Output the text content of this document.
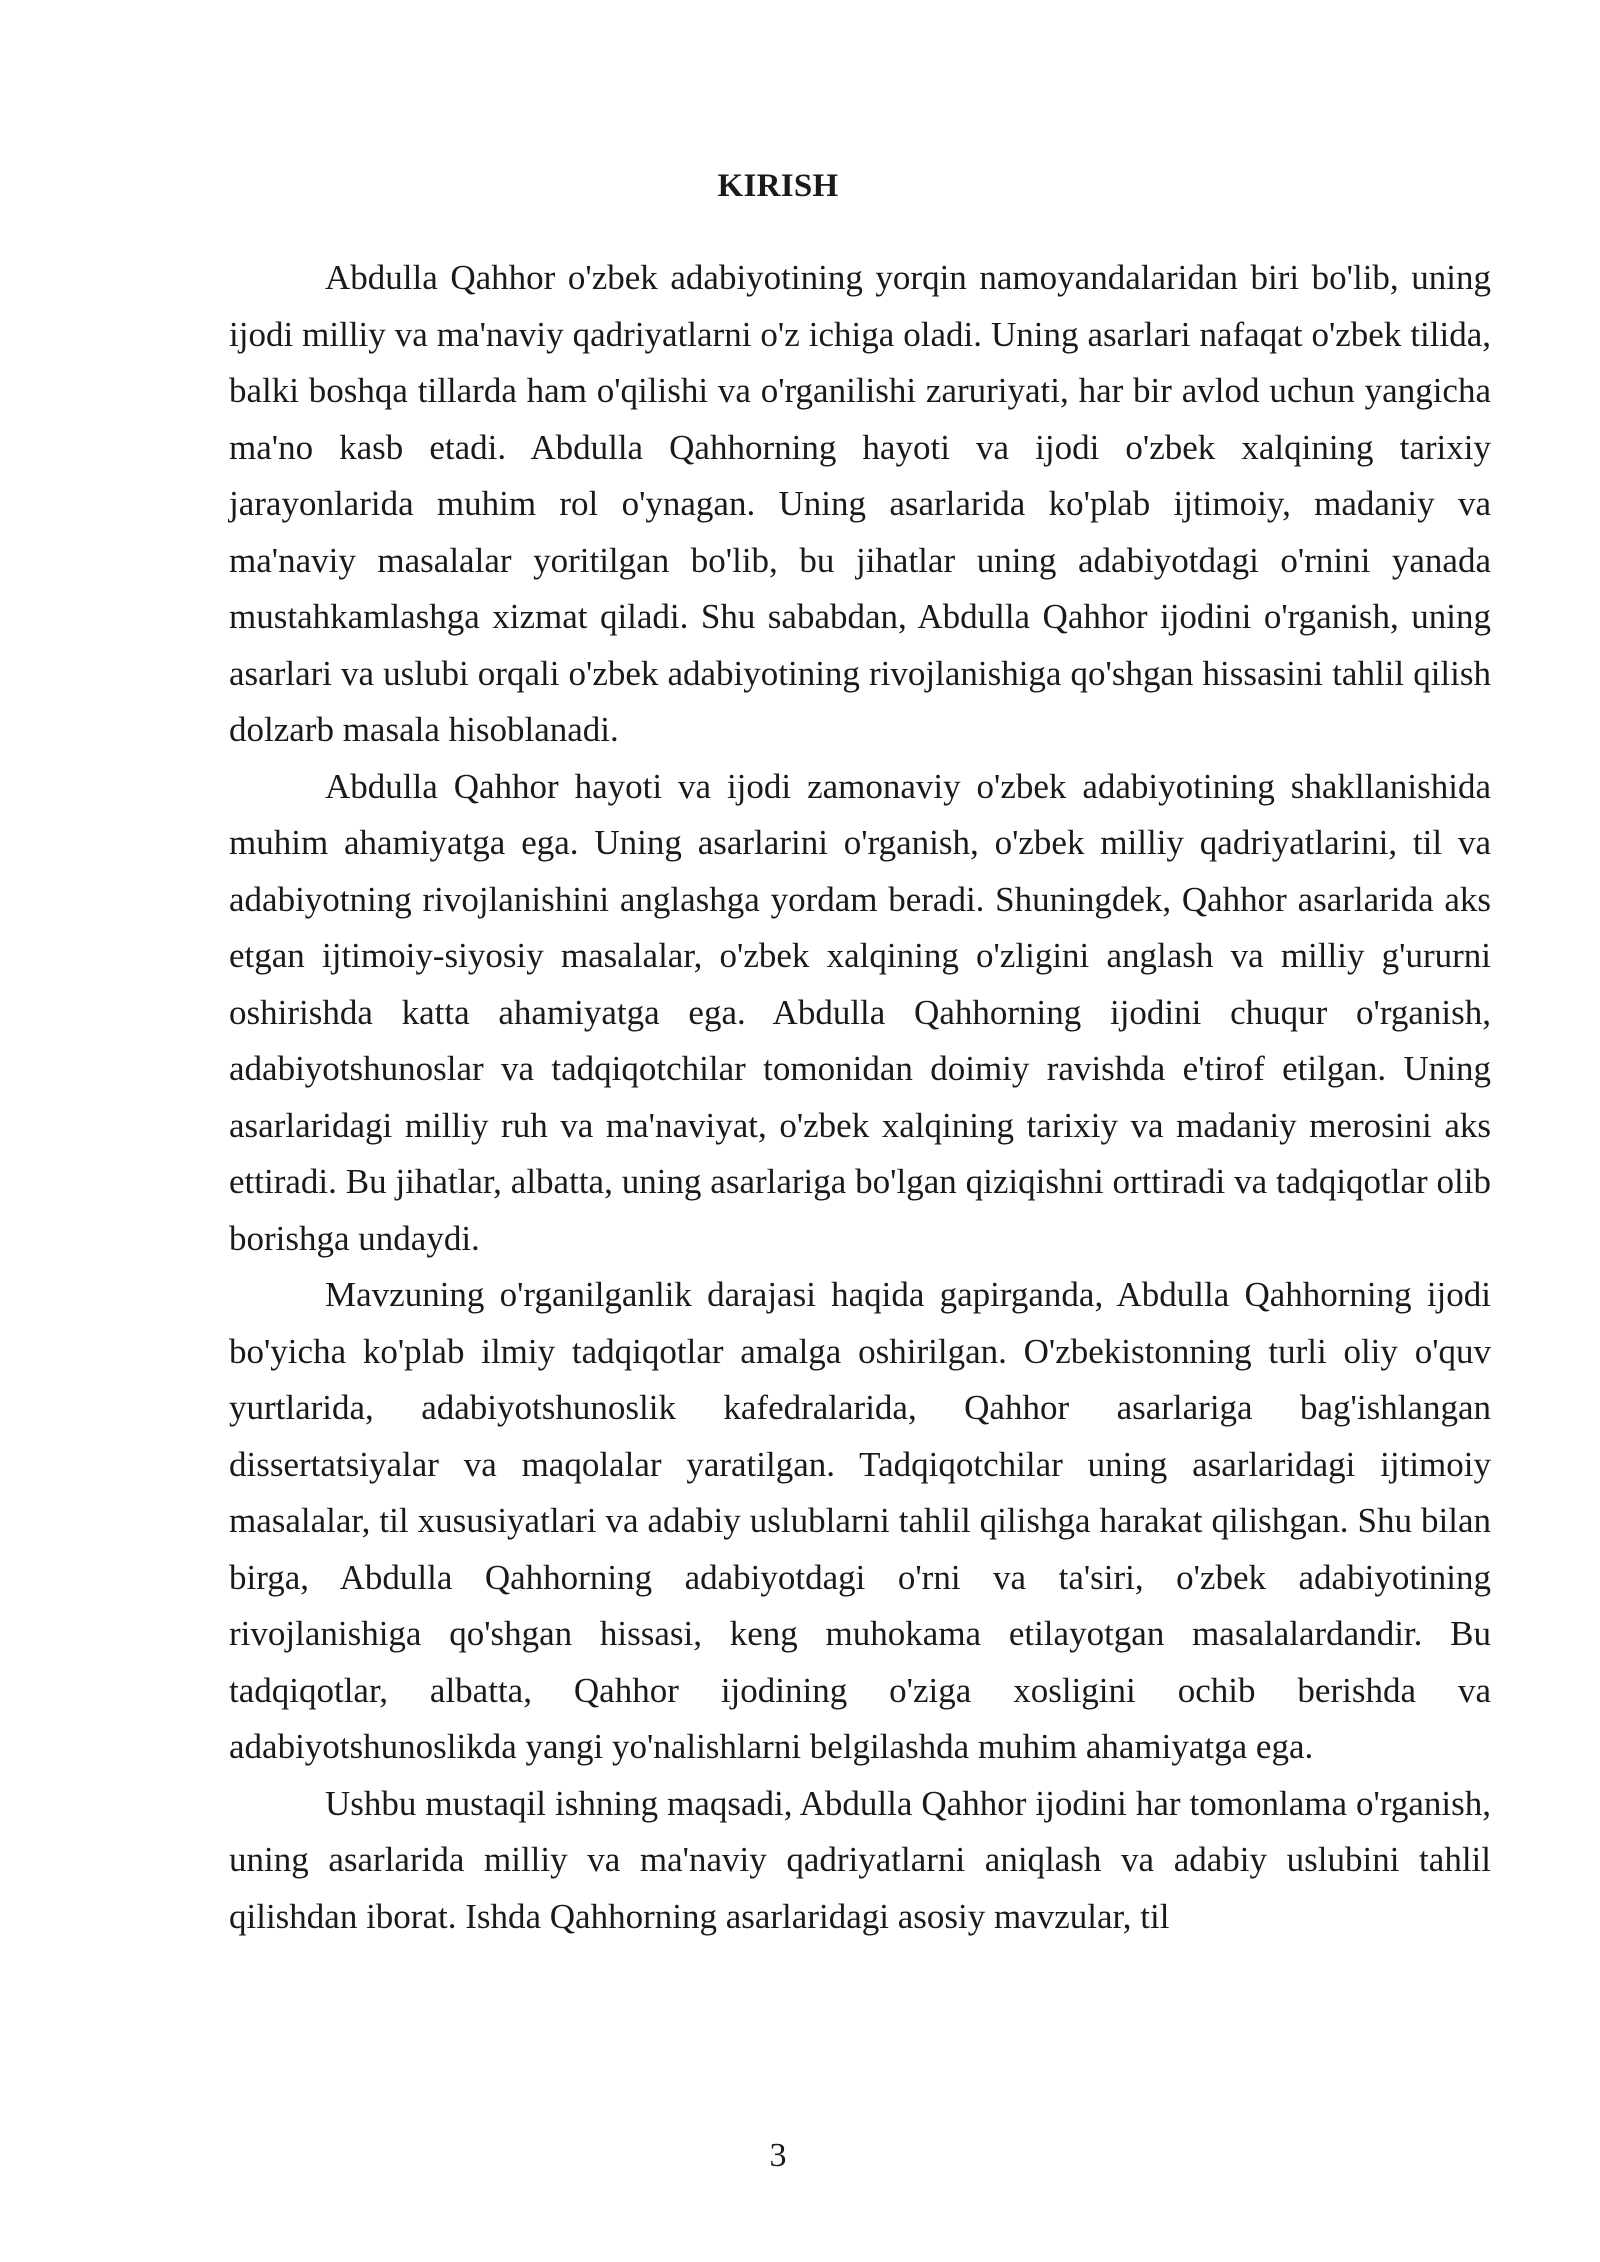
KIRISH

Abdulla Qahhor o'zbek adabiyotining yorqin namoyandalaridan biri bo'lib, uning ijodi milliy va ma'naviy qadriyatlarni o'z ichiga oladi. Uning asarlari nafaqat o'zbek tilida, balki boshqa tillarda ham o'qilishi va o'rganilishi zaruriyati, har bir avlod uchun yangicha ma'no kasb etadi. Abdulla Qahhorning hayoti va ijodi o'zbek xalqining tarixiy jarayonlarida muhim rol o'ynagan. Uning asarlarida ko'plab ijtimoiy, madaniy va ma'naviy masalalar yoritilgan bo'lib, bu jihatlar uning adabiyotdagi o'rnini yanada mustahkamlashga xizmat qiladi. Shu sababdan, Abdulla Qahhor ijodini o'rganish, uning asarlari va uslubi orqali o'zbek adabiyotining rivojlanishiga qo'shgan hissasini tahlil qilish dolzarb masala hisoblanadi.

Abdulla Qahhor hayoti va ijodi zamonaviy o'zbek adabiyotining shakllanishida muhim ahamiyatga ega. Uning asarlarini o'rganish, o'zbek milliy qadriyatlarini, til va adabiyotning rivojlanishini anglashga yordam beradi. Shuningdek, Qahhor asarlarida aks etgan ijtimoiy-siyosiy masalalar, o'zbek xalqining o'zligini anglash va milliy g'ururni oshirishda katta ahamiyatga ega. Abdulla Qahhorning ijodini chuqur o'rganish, adabiyotshunoslar va tadqiqotchilar tomonidan doimiy ravishda e'tirof etilgan. Uning asarlaridagi milliy ruh va ma'naviyat, o'zbek xalqining tarixiy va madaniy merosini aks ettiradi. Bu jihatlar, albatta, uning asarlariga bo'lgan qiziqishni orttiradi va tadqiqotlar olib borishga undaydi.

Mavzuning o'rganilganlik darajasi haqida gapirganda, Abdulla Qahhorning ijodi bo'yicha ko'plab ilmiy tadqiqotlar amalga oshirilgan. O'zbekistonning turli oliy o'quv yurtlarida, adabiyotshunoslik kafedralarida, Qahhor asarlariga bag'ishlangan dissertatsiyalar va maqolalar yaratilgan. Tadqiqotchilar uning asarlaridagi ijtimoiy masalalar, til xususiyatlari va adabiy uslublarni tahlil qilishga harakat qilishgan. Shu bilan birga, Abdulla Qahhorning adabiyotdagi o'rni va ta'siri, o'zbek adabiyotining rivojlanishiga qo'shgan hissasi, keng muhokama etilayotgan masalalardandir. Bu tadqiqotlar, albatta, Qahhor ijodining o'ziga xosligini ochib berishda va adabiyotshunoslikda yangi yo'nalishlarni belgilashda muhim ahamiyatga ega.

Ushbu mustaqil ishning maqsadi, Abdulla Qahhor ijodini har tomonlama o'rganish, uning asarlarida milliy va ma'naviy qadriyatlarni aniqlash va adabiy uslubini tahlil qilishdan iborat. Ishda Qahhorning asarlaridagi asosiy mavzular, til

3
